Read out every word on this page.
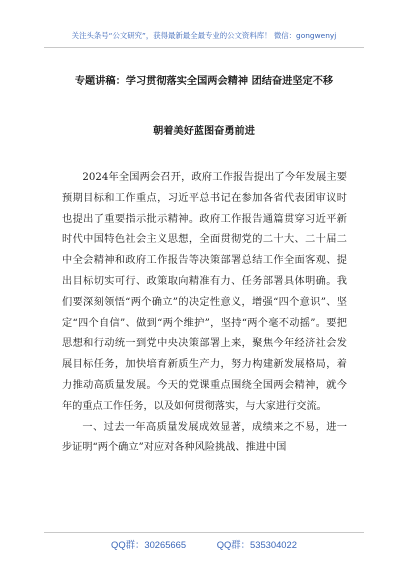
关注头条号“公文研究”，获得最新最全最专业的公文资料库！ 微信：gongwenyj
专题讲稿：学习贯彻落实全国两会精神 团结奋进坚定不移
朝着美好蓝图奋勇前进

2024年全国两会召开，政府工作报告提出了今年发展主要预期目标和工作重点，习近平总书记在参加各省代表团审议时也提出了重要指示批示精神。政府工作报告通篇贯穿习近平新时代中国特色社会主义思想，全面贯彻党的二十大、二十届二中全会精神和政府工作报告等决策部署总结工作全面客观、提出目标切实可行、政策取向精准有力、任务部署具体明确。我们要深刻领悟“两个确立”的决定性意义，增强“四个意识”、坚定“四个自信”、做到“两个维护”，坚持“两个毫不动摇”。要把思想和行动统一到党中央决策部署上来，聚焦今年经济社会发展目标任务，加快培育新质生产力，努力构建新发展格局，着力推动高质量发展。今天的党课重点围绕全国两会精神，就今年的重点工作任务，以及如何贯彻落实，与大家进行交流。

一、过去一年高质量发展成效显著，成绩来之不易，进一步证明“两个确立”对应对各种风险挑战、推进中国

QQ群：30265665	QQ群：535304022
